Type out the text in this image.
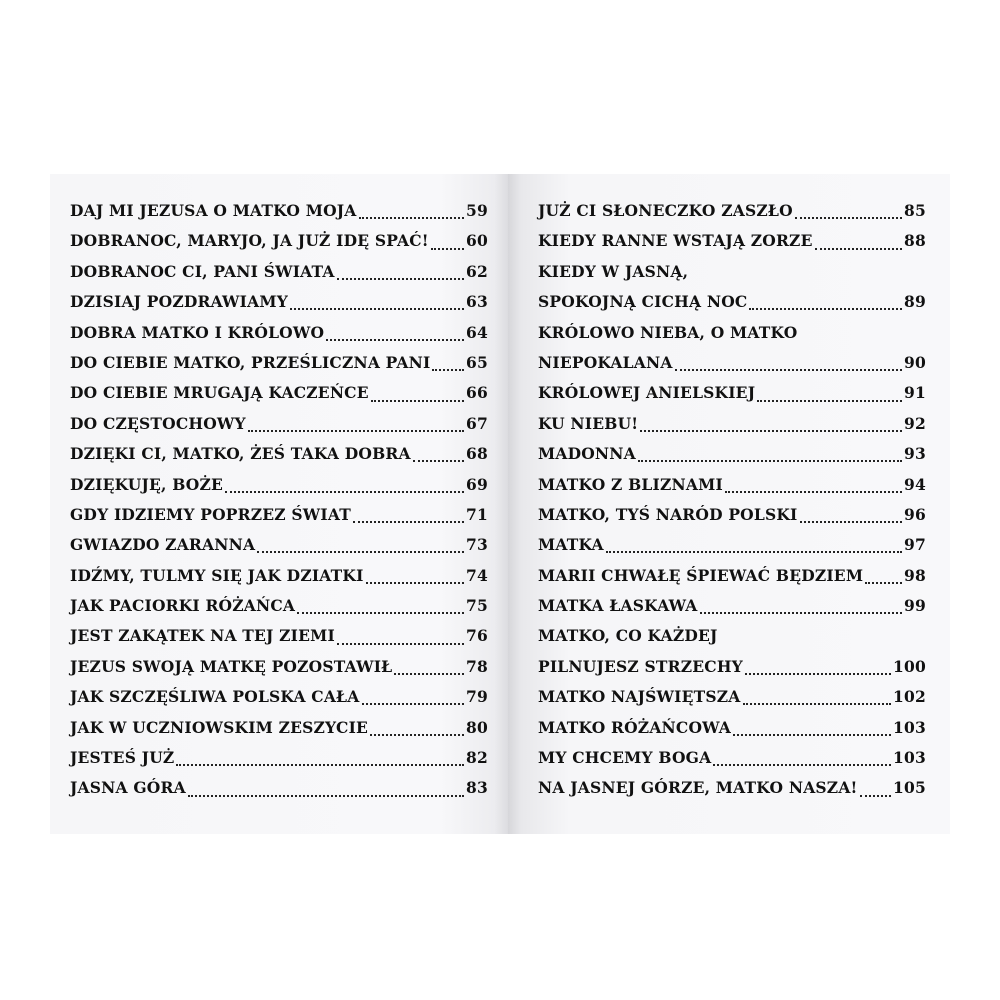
DAJ MI JEZUSA O MATKO MOJA	59
DOBRANOC, MARYJO, JA JUŻ IDĘ SPAĆ! 60
DOBRANOC CI, PANI ŚWIATA	62
DZISIAJ POZDRAWIAMY	63
DOBRA MATKO I KRÓLOWO	64
DO CIEBIE MATKO, PRZEŚLICZNA PANI 65
DO CIEBIE MRUGAJĄ KACZEŃCE	66
DO CZĘSTOCHOWY	67
DZIĘKI CI, MATKO, ŻEŚ TAKA DOBRA	68
DZIĘKUJĘ, BOŻE	69
GDY IDZIEMY POPRZEZ ŚWIAT	71
GWIAZDO ZARANNA	73
IDŹMY, TULMY SIĘ JAK DZIATKI	74
JAK PACIORKI RÓŻAŃCA	75
JEST ZAKĄTEK NA TEJ ZIEMI	76
JEZUS SWOJĄ MATKĘ POZOSTAWIŁ	78
JAK SZCZĘŚLIWA POLSKA CAŁA	79
JAK W UCZNIOWSKIM ZESZYCIE	80
JESTEŚ JUŻ	82
JASNA GÓRA	83
JUŻ CI SŁONECZKO ZASZŁO	85
KIEDY RANNE WSTAJĄ ZORZE	88
KIEDY W JASNĄ,
SPOKOJNĄ CICHĄ NOC	89
KRÓLOWO NIEBA, O MATKO
NIEPOKALANA	90
KRÓLOWEJ ANIELSKIEJ	91
KU NIEBU!	92
MADONNA	93
MATKO Z BLIZNAMI	94
MATKO, TYŚ NARÓD POLSKI	96
MATKA	97
MARII CHWAŁĘ ŚPIEWAĆ BĘDZIEM	98
MATKA ŁASKAWA	99
MATKO, CO KAŻDEJ
PILNUJESZ STRZECHY	100
MATKO NAJŚWIĘTSZA	102
MATKO RÓŻAŃCOWA	103
MY CHCEMY BOGA	103
NA JASNEJ GÓRZE, MATKO NASZA! 105
